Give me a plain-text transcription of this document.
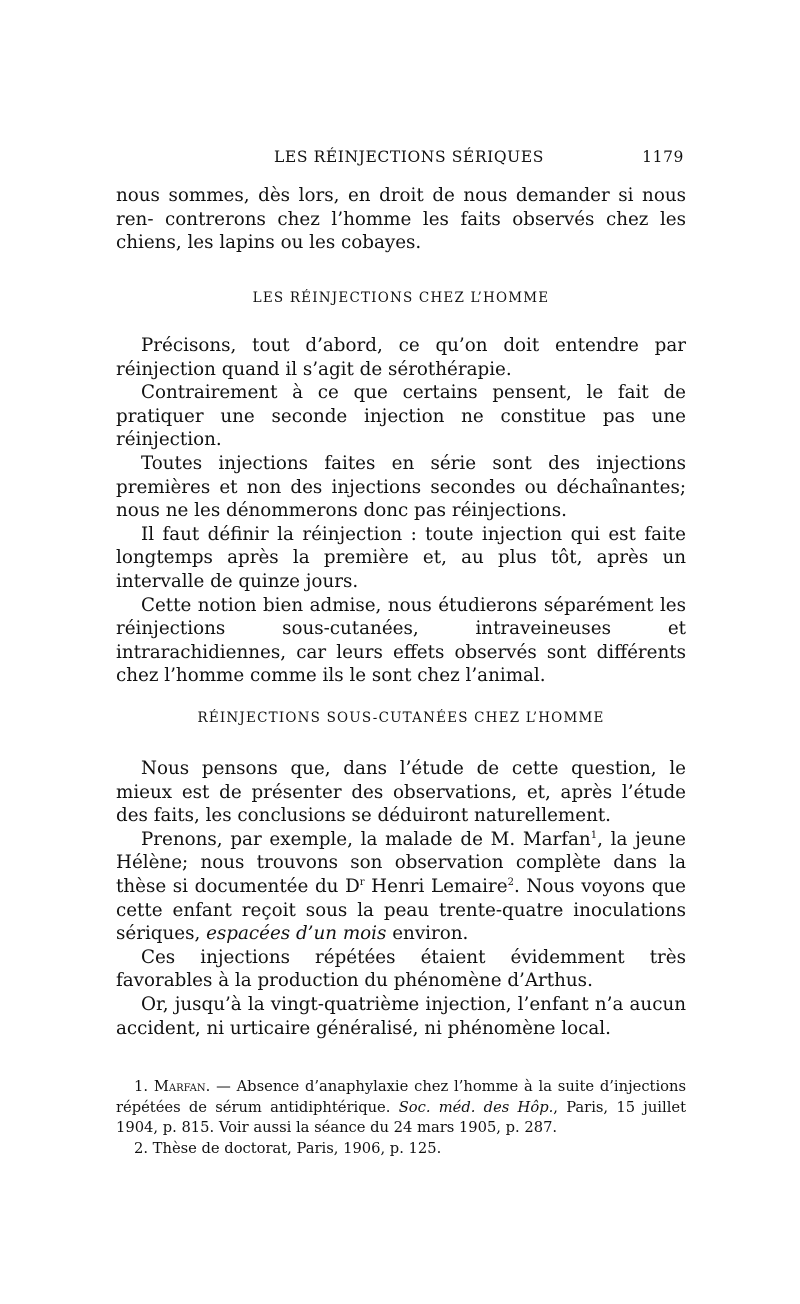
LES RÉINJECTIONS SÉRIQUES	1179

nous sommes, dès lors, en droit de nous demander si nous ren- contrerons chez l’homme les faits observés chez les chiens, les lapins ou les cobayes.

LES RÉINJECTIONS CHEZ L’HOMME

Précisons, tout d’abord, ce qu’on doit entendre par réinjection quand il s’agit de sérothérapie.

Contrairement à ce que certains pensent, le fait de pratiquer une seconde injection ne constitue pas une réinjection.

Toutes injections faites en série sont des injections premières et non des injections secondes ou déchaînantes; nous ne les dénommerons donc pas réinjections.

Il faut définir la réinjection : toute injection qui est faite longtemps après la première et, au plus tôt, après un intervalle de quinze jours.

Cette notion bien admise, nous étudierons séparément les réinjections sous-cutanées, intraveineuses et intrarachidiennes, car leurs effets observés sont différents chez l’homme comme ils le sont chez l’animal.

RÉINJECTIONS SOUS-CUTANÉES CHEZ L’HOMME

Nous pensons que, dans l’étude de cette question, le mieux est de présenter des observations, et, après l’étude des faits, les conclusions se déduiront naturellement.

Prenons, par exemple, la malade de M. Marfan$^1$, la jeune Hélène; nous trouvons son observation complète dans la thèse si documentée du $D^r$ Henri Lemaire$^2$. Nous voyons que cette enfant reçoit sous la peau trente-quatre inoculations sériques, espacées d’un mois environ.

Ces injections répétées étaient évidemment très favorables à la production du phénomène d’Arthus.

Or, jusqu’à la vingt-quatrième injection, l’enfant n’a aucun accident, ni urticaire généralisé, ni phénomène local.

1. Marfan. — Absence d’anaphylaxie chez l’homme à la suite d’injections répétées de sérum antidiphtérique. Soc. méd. des Hôp., Paris, 15 juillet 1904, p. 815. Voir aussi la séance du 24 mars 1905, p. 287.

2. Thèse de doctorat, Paris, 1906, p. 125.
